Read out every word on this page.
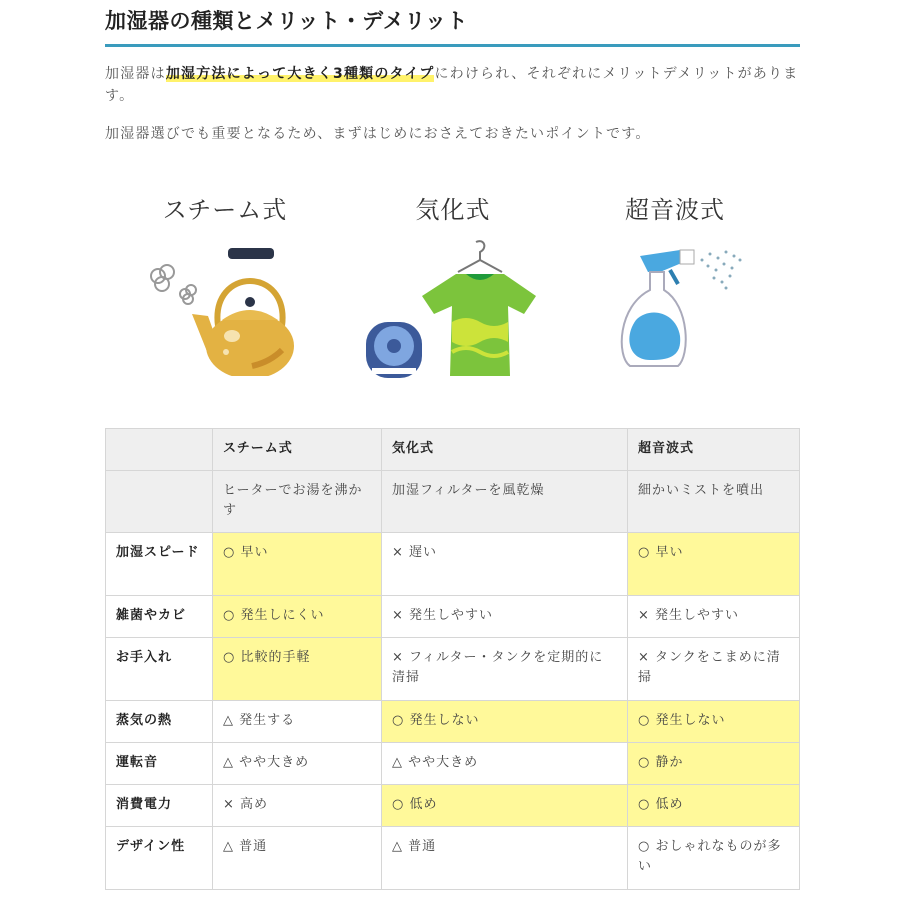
加湿器の種類とメリット・デメリット

加湿器は加湿方法によって大きく3種類のタイプにわけられ、それぞれにメリットデメリットがあります。

加湿器選びでも重要となるため、まずはじめにおさえておきたいポイントです。

スチーム式	気化式	超音波式
	スチーム式	気化式	超音波式
	ヒーターでお湯を沸かす	加湿フィルターを風乾燥	細かいミストを噴出
加湿スピード	○ 早い	× 遅い	○ 早い
雑菌やカビ	○ 発生しにくい	× 発生しやすい	× 発生しやすい
お手入れ	○ 比較的手軽	× フィルター・タンクを定期的に清掃	× タンクをこまめに清掃
蒸気の熱	△ 発生する	○ 発生しない	○ 発生しない
運転音	△ やや大きめ	△ やや大きめ	○ 静か
消費電力	× 高め	○ 低め	○ 低め
デザイン性	△ 普通	△ 普通	○ おしゃれなものが多い
